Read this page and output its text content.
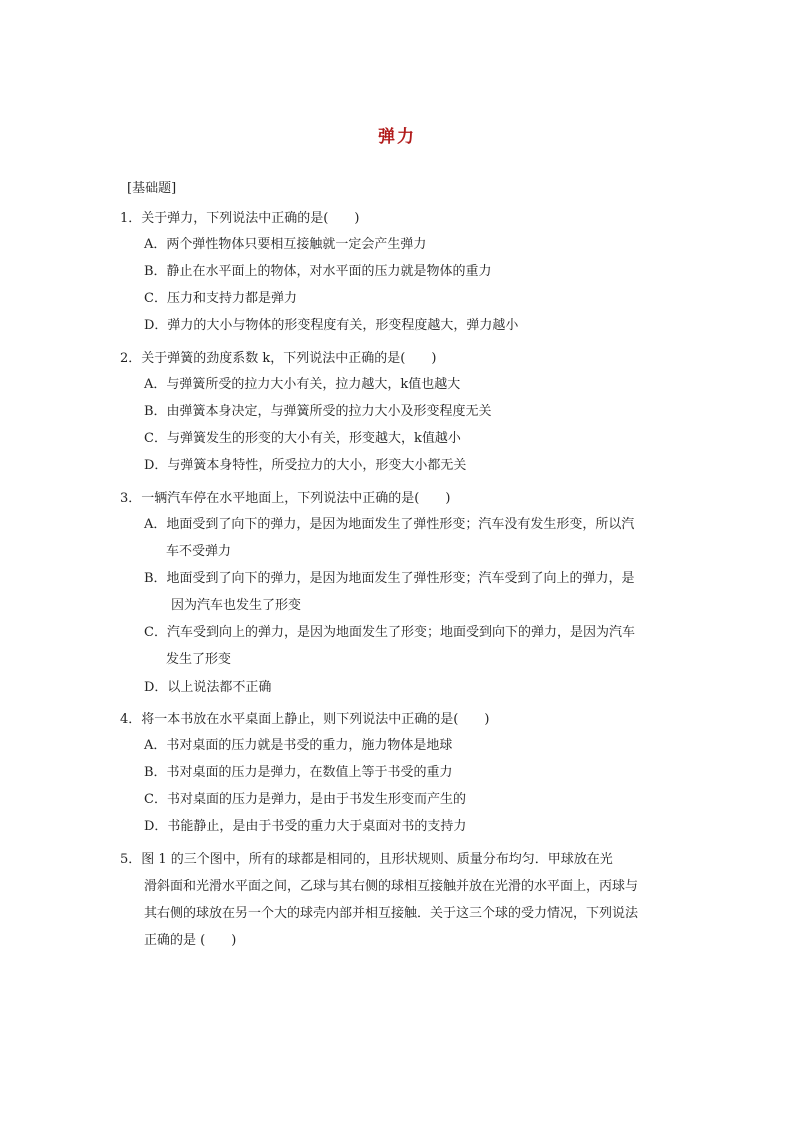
弹力
[基础题]
1．关于弹力，下列说法中正确的是(　　)
A．两个弹性物体只要相互接触就一定会产生弹力
B．静止在水平面上的物体，对水平面的压力就是物体的重力
C．压力和支持力都是弹力
D．弹力的大小与物体的形变程度有关，形变程度越大，弹力越小
2．关于弹簧的劲度系数 k，下列说法中正确的是(　　)
A．与弹簧所受的拉力大小有关，拉力越大，k值也越大
B．由弹簧本身决定，与弹簧所受的拉力大小及形变程度无关
C．与弹簧发生的形变的大小有关，形变越大，k值越小
D．与弹簧本身特性，所受拉力的大小，形变大小都无关
3．一辆汽车停在水平地面上，下列说法中正确的是(　　)
A．地面受到了向下的弹力，是因为地面发生了弹性形变；汽车没有发生形变，所以汽
车不受弹力
B．地面受到了向下的弹力，是因为地面发生了弹性形变；汽车受到了向上的弹力，是
因为汽车也发生了形变
C．汽车受到向上的弹力，是因为地面发生了形变；地面受到向下的弹力，是因为汽车
发生了形变
D．以上说法都不正确
4．将一本书放在水平桌面上静止，则下列说法中正确的是(　　)
A．书对桌面的压力就是书受的重力，施力物体是地球
B．书对桌面的压力是弹力，在数值上等于书受的重力
C．书对桌面的压力是弹力，是由于书发生形变而产生的
D．书能静止，是由于书受的重力大于桌面对书的支持力
5．图 1 的三个图中，所有的球都是相同的，且形状规则、质量分布均匀．甲球放在光
滑斜面和光滑水平面之间，乙球与其右侧的球相互接触并放在光滑的水平面上，丙球与
其右侧的球放在另一个大的球壳内部并相互接触．关于这三个球的受力情况，下列说法
正确的是 (　　)
